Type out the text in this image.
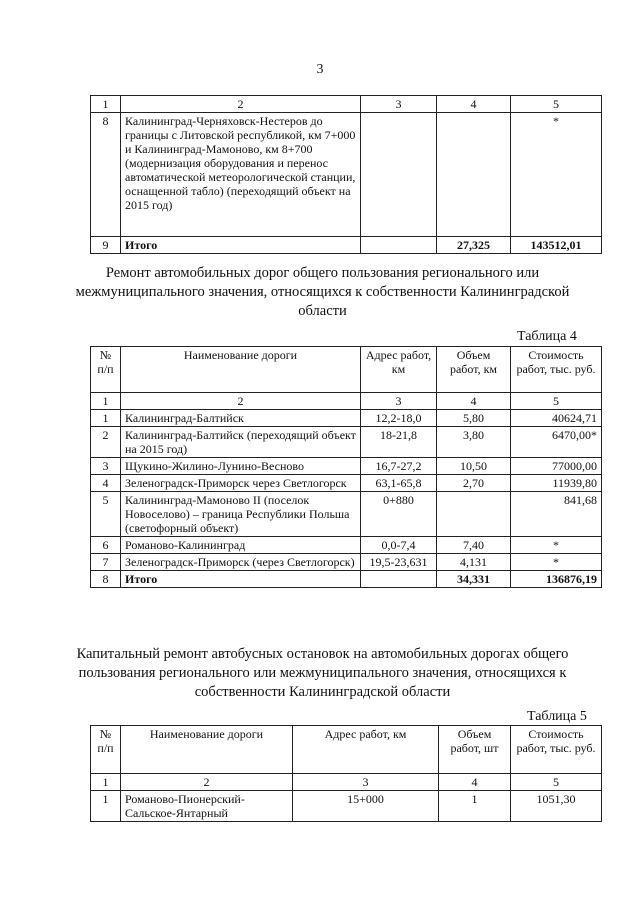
3
1	2	3	4	5
8	Калининград-Черняховск-Нестеров до границы с Литовской республикой, км 7+000 и Калининград-Мамоново, км 8+700 (модернизация оборудования и перенос автоматической метеорологической станции, оснащенной табло) (переходящий объект на 2015 год)			*
9	Итого		27,325	143512,01
Ремонт автомобильных дорог общего пользования регионального или межмуниципального значения, относящихся к собственности Калининградской области
Таблица 4
№ п/п	Наименование дороги	Адрес работ, км	Объем работ, км	Стоимость работ, тыс. руб.
1	2	3	4	5
1	Калининград-Балтийск	12,2-18,0	5,80	40624,71
2	Калининград-Балтийск (переходящий объект на 2015 год)	18-21,8	3,80	6470,00*
3	Щукино-Жилино-Лунино-Весново	16,7-27,2	10,50	77000,00
4	Зеленоградск-Приморск через Светлогорск	63,1-65,8	2,70	11939,80
5	Калининград-Мамоново II (поселок Новоселово) – граница Республики Польша (светофорный объект)	0+880		841,68
6	Романово-Калининград	0,0-7,4	7,40	*
7	Зеленоградск-Приморск (через Светлогорск)	19,5-23,631	4,131	*
8	Итого		34,331	136876,19
Капитальный ремонт автобусных остановок на автомобильных дорогах общего пользования регионального или межмуниципального значения, относящихся к собственности Калининградской области
Таблица 5
№ п/п	Наименование дороги	Адрес работ, км	Объем работ, шт	Стоимость работ, тыс. руб.
1	2	3	4	5
1	Романово-Пионерский-Сальское-Янтарный	15+000	1	1051,30
